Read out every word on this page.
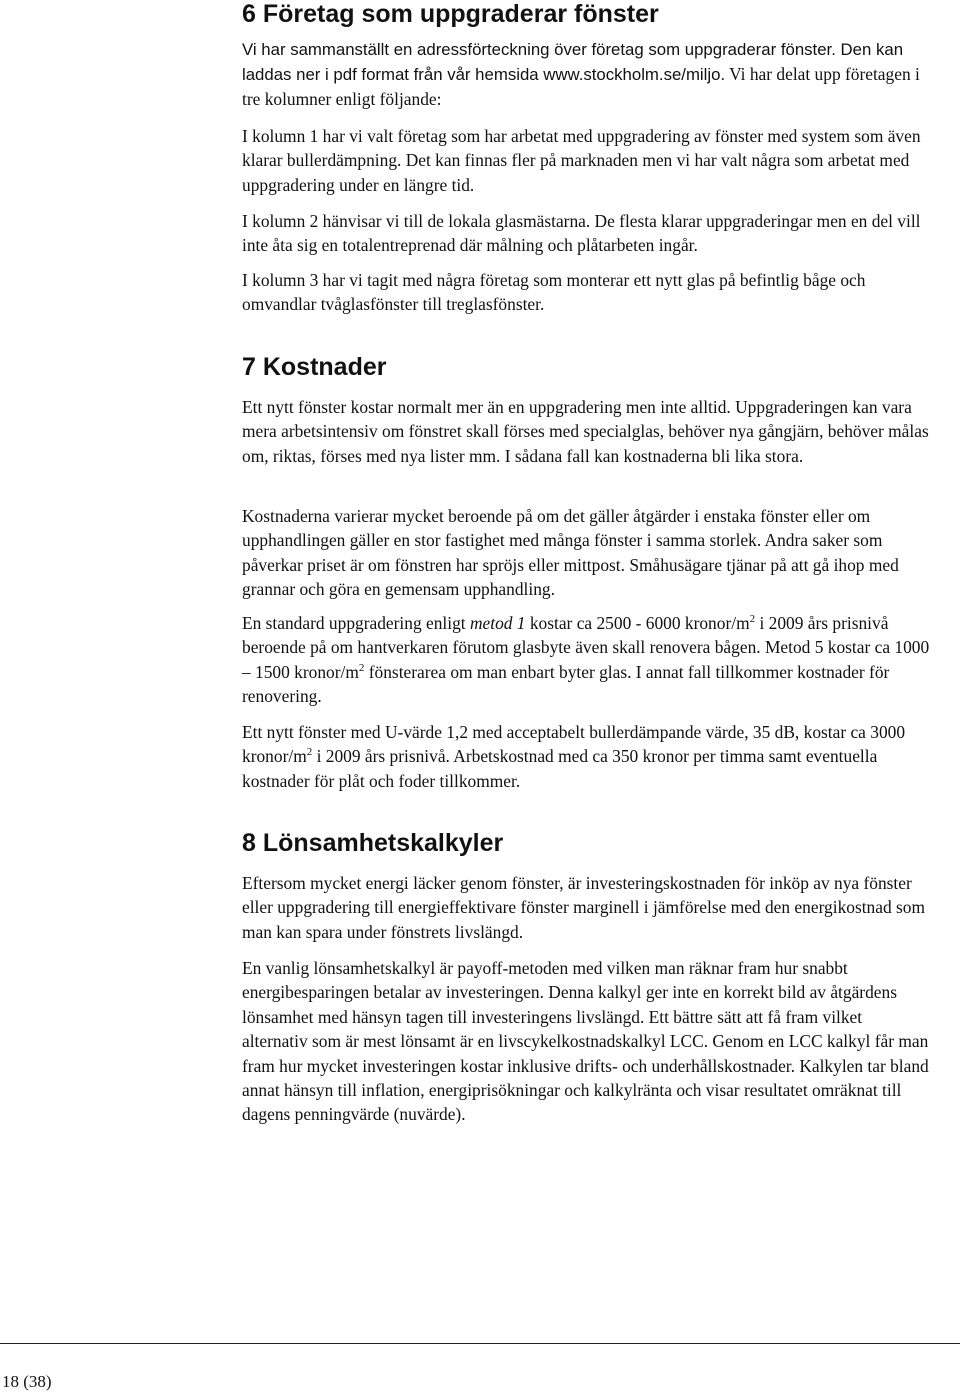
6 Företag som uppgraderar fönster

Vi har sammanställt en adressförteckning över företag som uppgraderar fönster. Den kan laddas ner i pdf format från vår hemsida www.stockholm.se/miljo. Vi har delat upp företagen i tre kolumner enligt följande:

I kolumn 1 har vi valt företag som har arbetat med uppgradering av fönster med system som även klarar bullerdämpning. Det kan finnas fler på marknaden men vi har valt några som arbetat med uppgradering under en längre tid.

I kolumn 2 hänvisar vi till de lokala glasmästarna. De flesta klarar uppgraderingar men en del vill inte åta sig en totalentreprenad där målning och plåtarbeten ingår.

I kolumn 3 har vi tagit med några företag som monterar ett nytt glas på befintlig båge och omvandlar tvåglasfönster till treglasfönster.

7 Kostnader

Ett nytt fönster kostar normalt mer än en uppgradering men inte alltid. Uppgraderingen kan vara mera arbetsintensiv om fönstret skall förses med specialglas, behöver nya gångjärn, behöver målas om, riktas, förses med nya lister mm. I sådana fall kan kostnaderna bli lika stora.

Kostnaderna varierar mycket beroende på om det gäller åtgärder i enstaka fönster eller om upphandlingen gäller en stor fastighet med många fönster i samma storlek. Andra saker som påverkar priset är om fönstren har spröjs eller mittpost. Småhusägare tjänar på att gå ihop med grannar och göra en gemensam upphandling.

En standard uppgradering enligt metod 1 kostar ca 2500 - 6000 kronor/$m^2$ i 2009 års prisnivå beroende på om hantverkaren förutom glasbyte även skall renovera bågen. Metod 5 kostar ca 1000 – 1500 kronor/$m^2$ fönsterarea om man enbart byter glas. I annat fall tillkommer kostnader för renovering.

Ett nytt fönster med U-värde 1,2 med acceptabelt bullerdämpande värde, 35 dB, kostar ca 3000 kronor/$m^2$ i 2009 års prisnivå. Arbetskostnad med ca 350 kronor per timma samt eventuella kostnader för plåt och foder tillkommer.

8 Lönsamhetskalkyler

Eftersom mycket energi läcker genom fönster, är investeringskostnaden för inköp av nya fönster eller uppgradering till energieffektivare fönster marginell i jämförelse med den energikostnad som man kan spara under fönstrets livslängd.

En vanlig lönsamhetskalkyl är payoff-metoden med vilken man räknar fram hur snabbt energibesparingen betalar av investeringen. Denna kalkyl ger inte en korrekt bild av åtgärdens lönsamhet med hänsyn tagen till investeringens livslängd. Ett bättre sätt att få fram vilket alternativ som är mest lönsamt är en livscykelkostnadskalkyl LCC. Genom en LCC kalkyl får man fram hur mycket investeringen kostar inklusive drifts- och underhållskostnader. Kalkylen tar bland annat hänsyn till inflation, energiprisökningar och kalkylränta och visar resultatet omräknat till dagens penningvärde (nuvärde).

18 (38)
